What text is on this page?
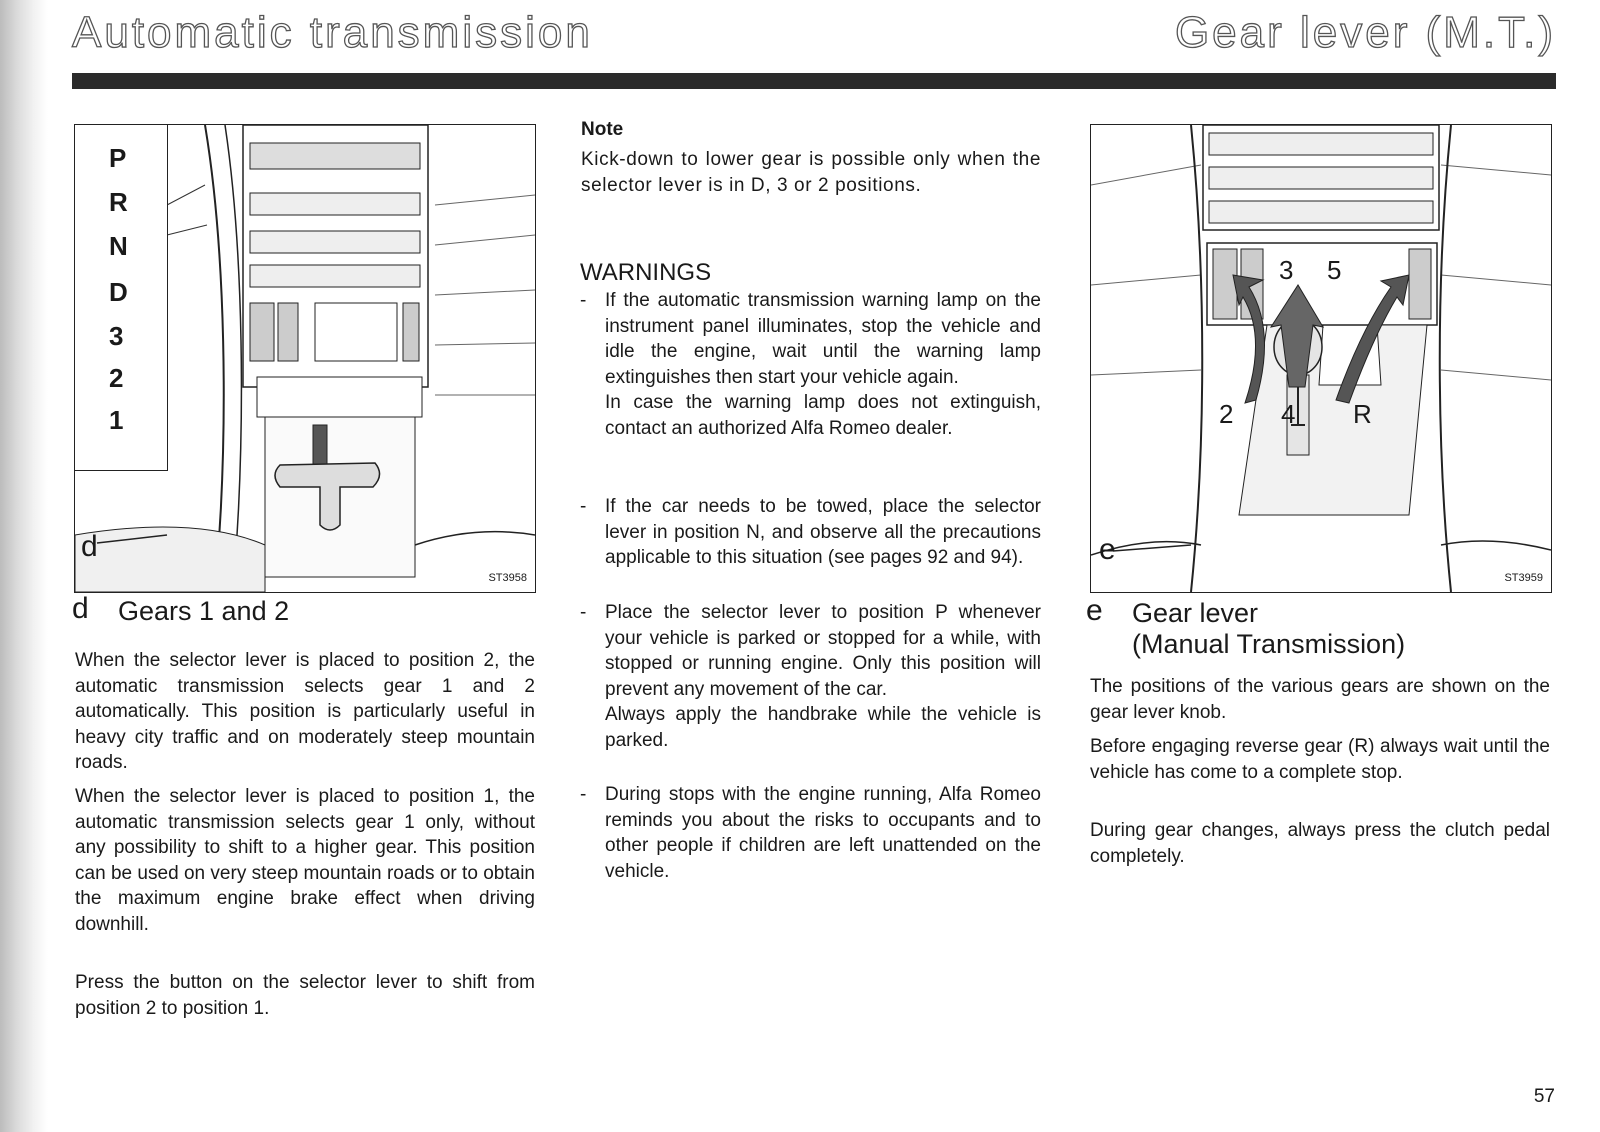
Automatic transmission	Gear lever (M.T.)
P
R
N
D
3
2
1
d
ST3958
d Gears 1 and 2

When the selector lever is placed to position 2, the automatic transmission selects gear 1 and 2 automatically. This position is particularly useful in heavy city traffic and on moderately steep mountain roads.

When the selector lever is placed to position 1, the automatic transmission selects gear 1 only, without any possibility to shift to a higher gear. This position can be used on very steep mountain roads or to obtain the maximum engine brake effect when driving downhill.

Press the button on the selector lever to shift from position 2 to position 1.

Note

Kick-down to lower gear is possible only when the selector lever is in D, 3 or 2 positions.

WARNINGS
- If the automatic transmission warning lamp on the instrument panel illuminates, stop the vehicle and idle the engine, wait until the warning lamp extinguishes then start your vehicle again.
In case the warning lamp does not extinguish, contact an authorized Alfa Romeo dealer.
- If the car needs to be towed, place the selector lever in position N, and observe all the precautions applicable to this situation (see pages 92 and 94).
- Place the selector lever to position P whenever your vehicle is parked or stopped for a while, with stopped or running engine. Only this position will prevent any movement of the car.
Always apply the handbrake while the vehicle is parked.
- During stops with the engine running, Alfa Romeo reminds you about the risks to occupants and to other people if children are left unattended on the vehicle.
3 5
2 4 R
e
ST3959
e Gear lever
(Manual Transmission)

The positions of the various gears are shown on the gear lever knob.

Before engaging reverse gear (R) always wait until the vehicle has come to a complete stop.

During gear changes, always press the clutch pedal completely.

57
